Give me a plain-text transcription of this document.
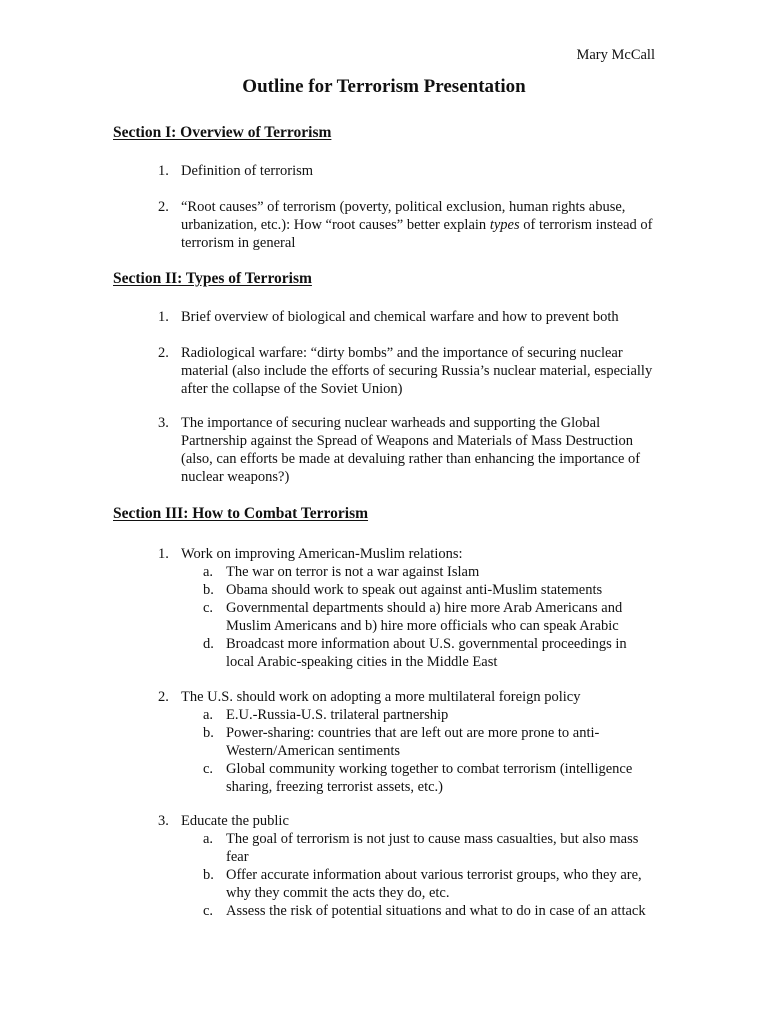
Mary McCall
Outline for Terrorism Presentation
Section I: Overview of Terrorism
1. Definition of terrorism
2. “Root causes” of terrorism (poverty, political exclusion, human rights abuse, urbanization, etc.): How “root causes” better explain types of terrorism instead of terrorism in general
Section II: Types of Terrorism
1. Brief overview of biological and chemical warfare and how to prevent both
2. Radiological warfare: “dirty bombs” and the importance of securing nuclear material (also include the efforts of securing Russia’s nuclear material, especially after the collapse of the Soviet Union)
3. The importance of securing nuclear warheads and supporting the Global Partnership against the Spread of Weapons and Materials of Mass Destruction (also, can efforts be made at devaluing rather than enhancing the importance of nuclear weapons?)
Section III: How to Combat Terrorism
1. Work on improving American-Muslim relations:
a. The war on terror is not a war against Islam
b. Obama should work to speak out against anti-Muslim statements
c. Governmental departments should a) hire more Arab Americans and Muslim Americans and b) hire more officials who can speak Arabic
d. Broadcast more information about U.S. governmental proceedings in local Arabic-speaking cities in the Middle East
2. The U.S. should work on adopting a more multilateral foreign policy
a. E.U.-Russia-U.S. trilateral partnership
b. Power-sharing: countries that are left out are more prone to anti-Western/American sentiments
c. Global community working together to combat terrorism (intelligence sharing, freezing terrorist assets, etc.)
3. Educate the public
a. The goal of terrorism is not just to cause mass casualties, but also mass fear
b. Offer accurate information about various terrorist groups, who they are, why they commit the acts they do, etc.
c. Assess the risk of potential situations and what to do in case of an attack
